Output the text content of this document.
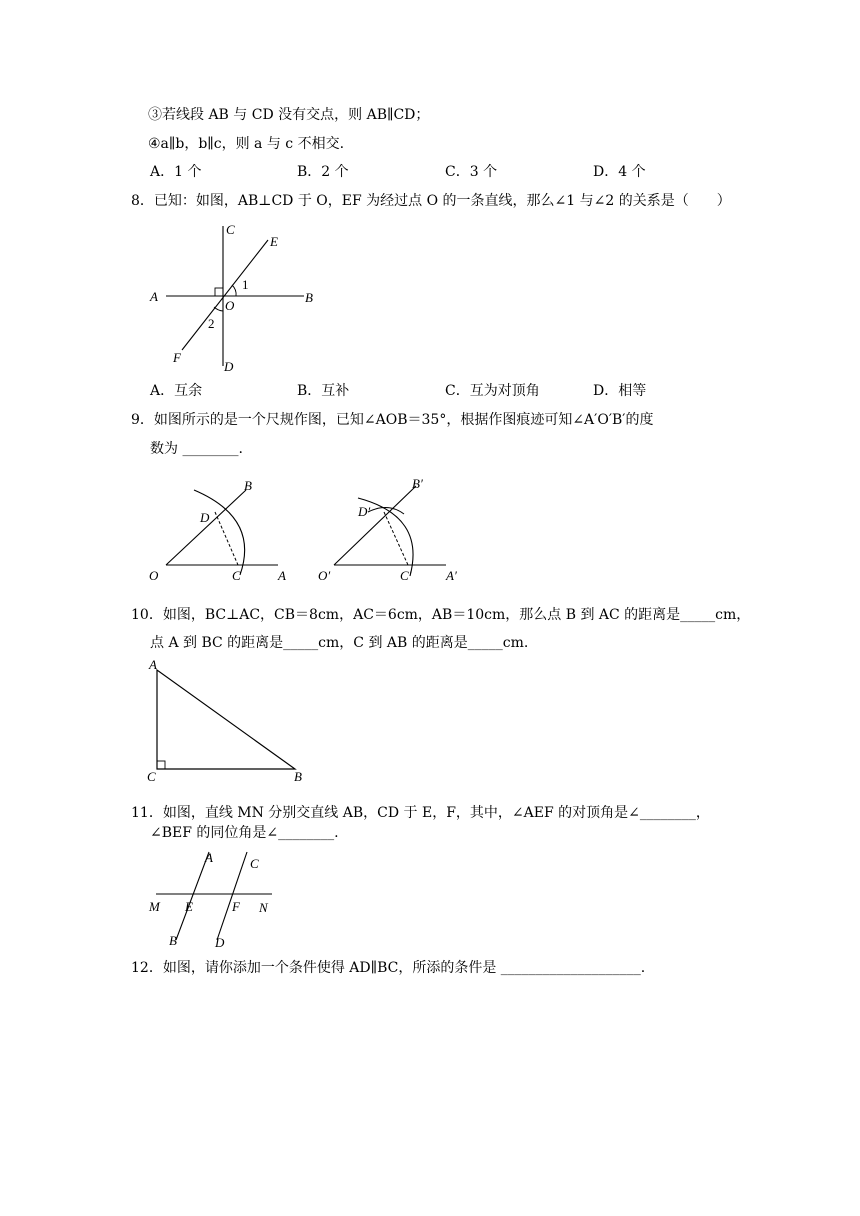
③若线段 AB 与 CD 没有交点，则 AB∥CD；
④a∥b，b∥c，则 a 与 c 不相交.
A．1 个	B．2 个	C．3 个	D．4 个
8．已知：如图，AB⊥CD 于 O，EF 为经过点 O 的一条直线，那么∠1 与∠2 的关系是（　　）
C
E
A	B
O
1
2
F
D
A．互余	B．互补	C．互为对顶角	D．相等
9．如图所示的是一个尺规作图，已知∠AOB＝35°，根据作图痕迹可知∠A′O′B′的度
数为 ________.
O	C	A
D
B
O′	C′	A′
D′
B′
10．如图，BC⊥AC，CB＝8cm，AC＝6cm，AB＝10cm，那么点 B 到 AC 的距离是_____cm，
点 A 到 BC 的距离是_____cm，C 到 AB 的距离是_____cm.
A
C	B
11．如图，直线 MN 分别交直线 AB，CD 于 E，F，其中，∠AEF 的对顶角是∠________，
∠BEF 的同位角是∠________.
A	C
M E	F N
B	D
12．如图，请你添加一个条件使得 AD∥BC，所添的条件是 ____________________.
